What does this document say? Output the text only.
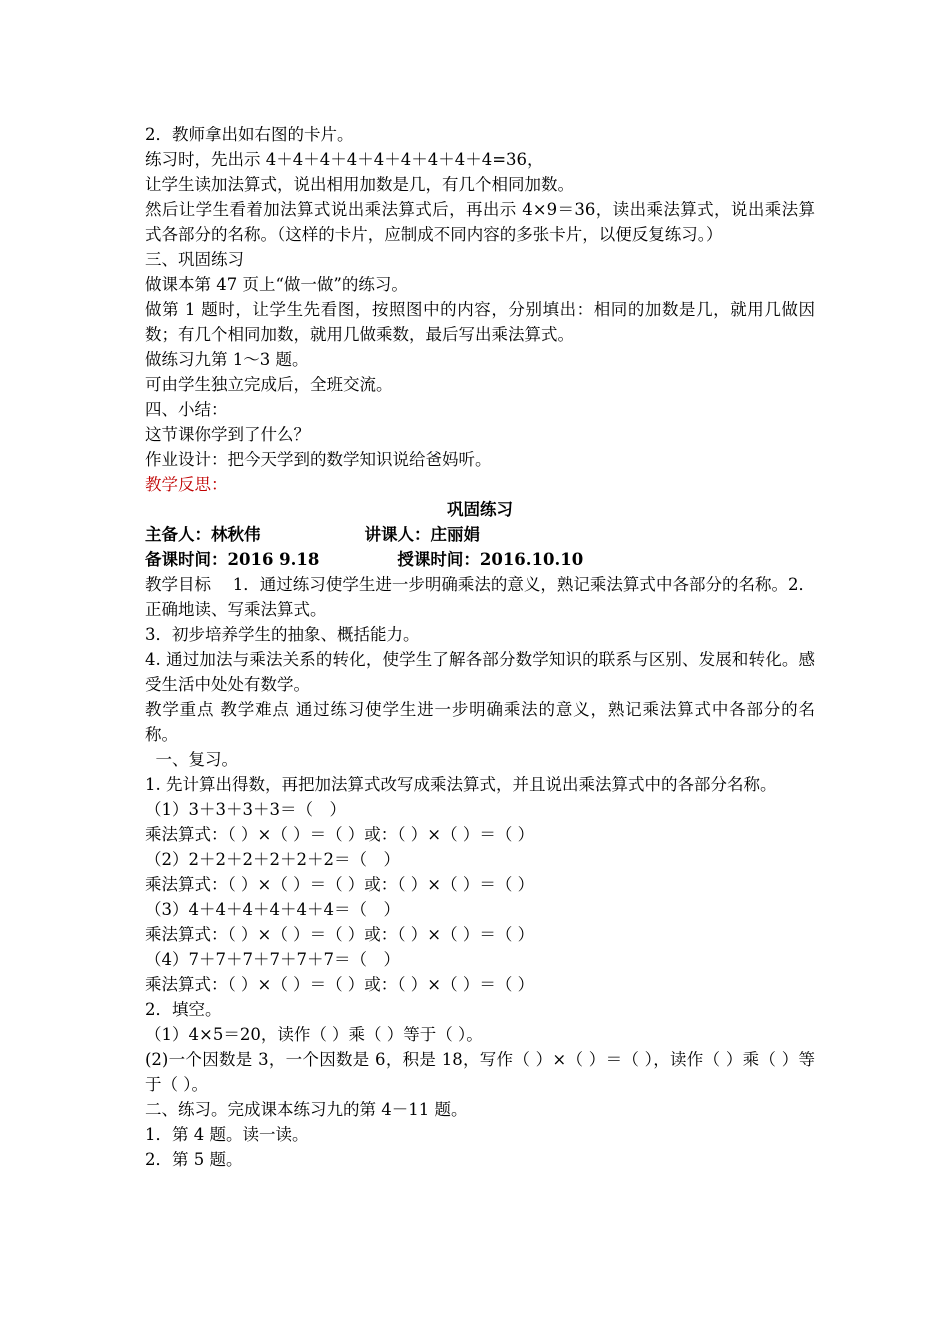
2．教师拿出如右图的卡片。
练习时，先出示 4＋4＋4＋4＋4＋4＋4＋4＋4=36，
让学生读加法算式，说出相用加数是几，有几个相同加数。
然后让学生看着加法算式说出乘法算式后，再出示 4×9＝36，读出乘法算式，说出乘法算式各部分的名称。（这样的卡片，应制成不同内容的多张卡片，以便反复练习。）
三、巩固练习
做课本第 47 页上“做一做”的练习。
做第 1 题时，让学生先看图，按照图中的内容，分别填出：相同的加数是几，就用几做因数；有几个相同加数，就用几做乘数，最后写出乘法算式。
做练习九第 1～3 题。
可由学生独立完成后，全班交流。
四、小结：
这节课你学到了什么？
作业设计：把今天学到的数学知识说给爸妈听。
教学反思：
巩固练习
主备人：林秋伟	讲课人：庄丽娟
备课时间：2016 9.18	授课时间：2016.10.10
教学目标　 1．通过练习使学生进一步明确乘法的意义，熟记乘法算式中各部分的名称。2．正确地读、写乘法算式。
3．初步培养学生的抽象、概括能力。
4. 通过加法与乘法关系的转化，使学生了解各部分数学知识的联系与区别、发展和转化。感受生活中处处有数学。
教学重点 教学难点 通过练习使学生进一步明确乘法的意义，熟记乘法算式中各部分的名称。
一、复习。
1. 先计算出得数，再把加法算式改写成乘法算式，并且说出乘法算式中的各部分名称。
（1）3＋3＋3＋3＝（　）
乘法算式：（ ）×（ ）＝（ ）或：（ ）×（ ）＝（ ）
（2）2＋2＋2＋2＋2＋2＝（　）
乘法算式：（ ）×（ ）＝（ ）或：（ ）×（ ）＝（ ）
（3）4＋4＋4＋4＋4＋4＝（　）
乘法算式：（ ）×（ ）＝（ ）或：（ ）×（ ）＝（ ）
（4）7＋7＋7＋7＋7＋7＝（　）
乘法算式：（ ）×（ ）＝（ ）或：（ ）×（ ）＝（ ）
2．填空。
（1）4×5＝20，读作（ ）乘（ ）等于（ ）。
(2)一个因数是 3，一个因数是 6，积是 18，写作（ ）×（ ）＝（ ），读作（ ）乘（ ）等于（ ）。
二、练习。完成课本练习九的第 4－11 题。
1．第 4 题。读一读。
2．第 5 题。
